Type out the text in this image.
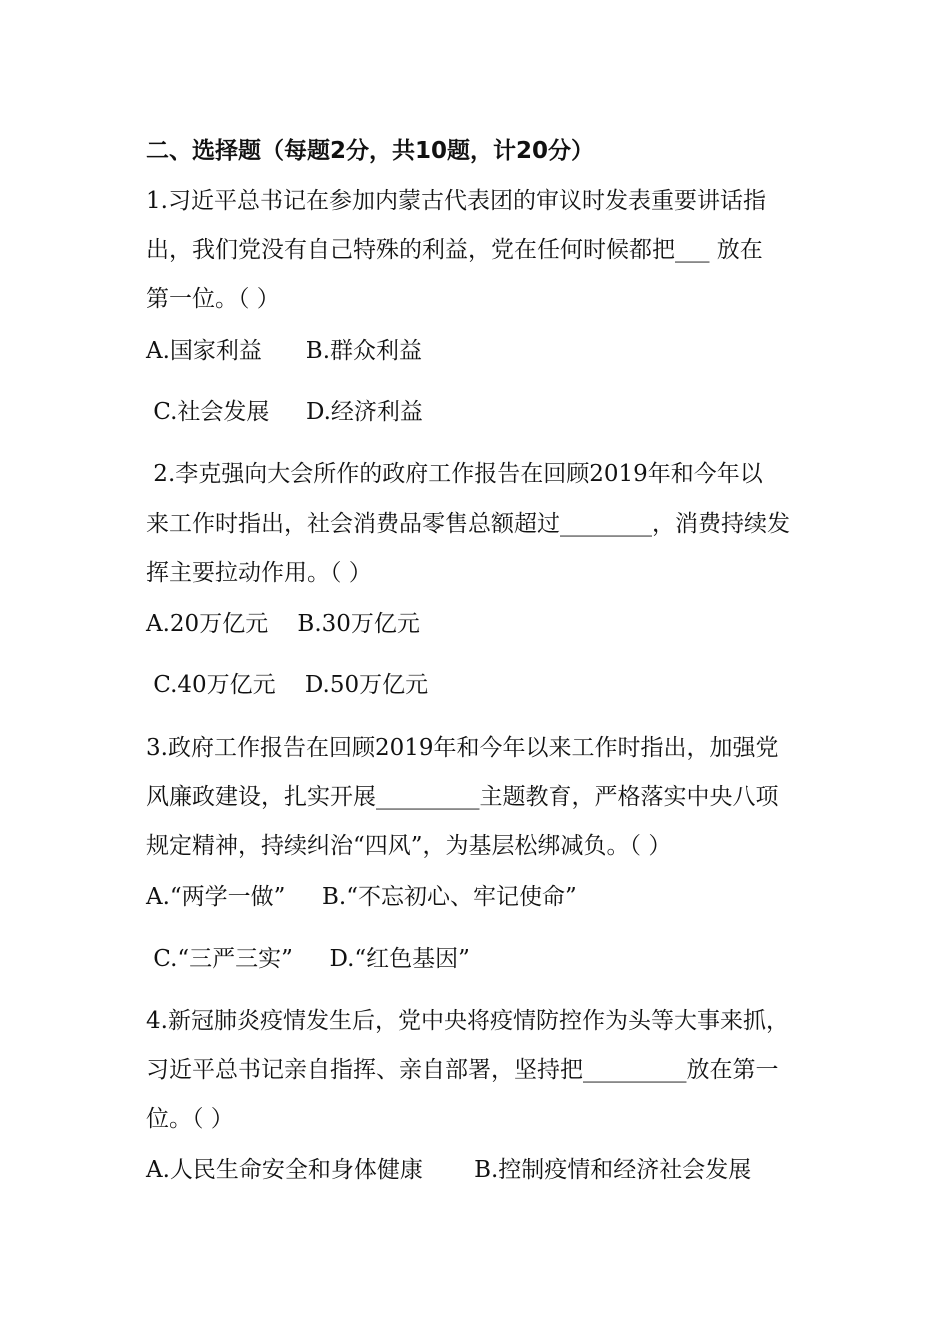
二、选择题（每题2分，共10题，计20分）
1.习近平总书记在参加内蒙古代表团的审议时发表重要讲话指
出，我们党没有自己特殊的利益，党在任何时候都把___ 放在
第一位。（ ）
A.国家利益      B.群众利益
C.社会发展     D.经济利益
2.李克强向大会所作的政府工作报告在回顾2019年和今年以
来工作时指出，社会消费品零售总额超过________，消费持续发
挥主要拉动作用。（ ）
A.20万亿元    B.30万亿元
C.40万亿元    D.50万亿元
3.政府工作报告在回顾2019年和今年以来工作时指出，加强党
风廉政建设，扎实开展_________主题教育，严格落实中央八项
规定精神，持续纠治“四风”，为基层松绑减负。（ ）
A.“两学一做”     B.“不忘初心、牢记使命”
C.“三严三实”     D.“红色基因”
4.新冠肺炎疫情发生后，党中央将疫情防控作为头等大事来抓，
习近平总书记亲自指挥、亲自部署，坚持把_________放在第一
位。（ ）
A.人民生命安全和身体健康       B.控制疫情和经济社会发展
